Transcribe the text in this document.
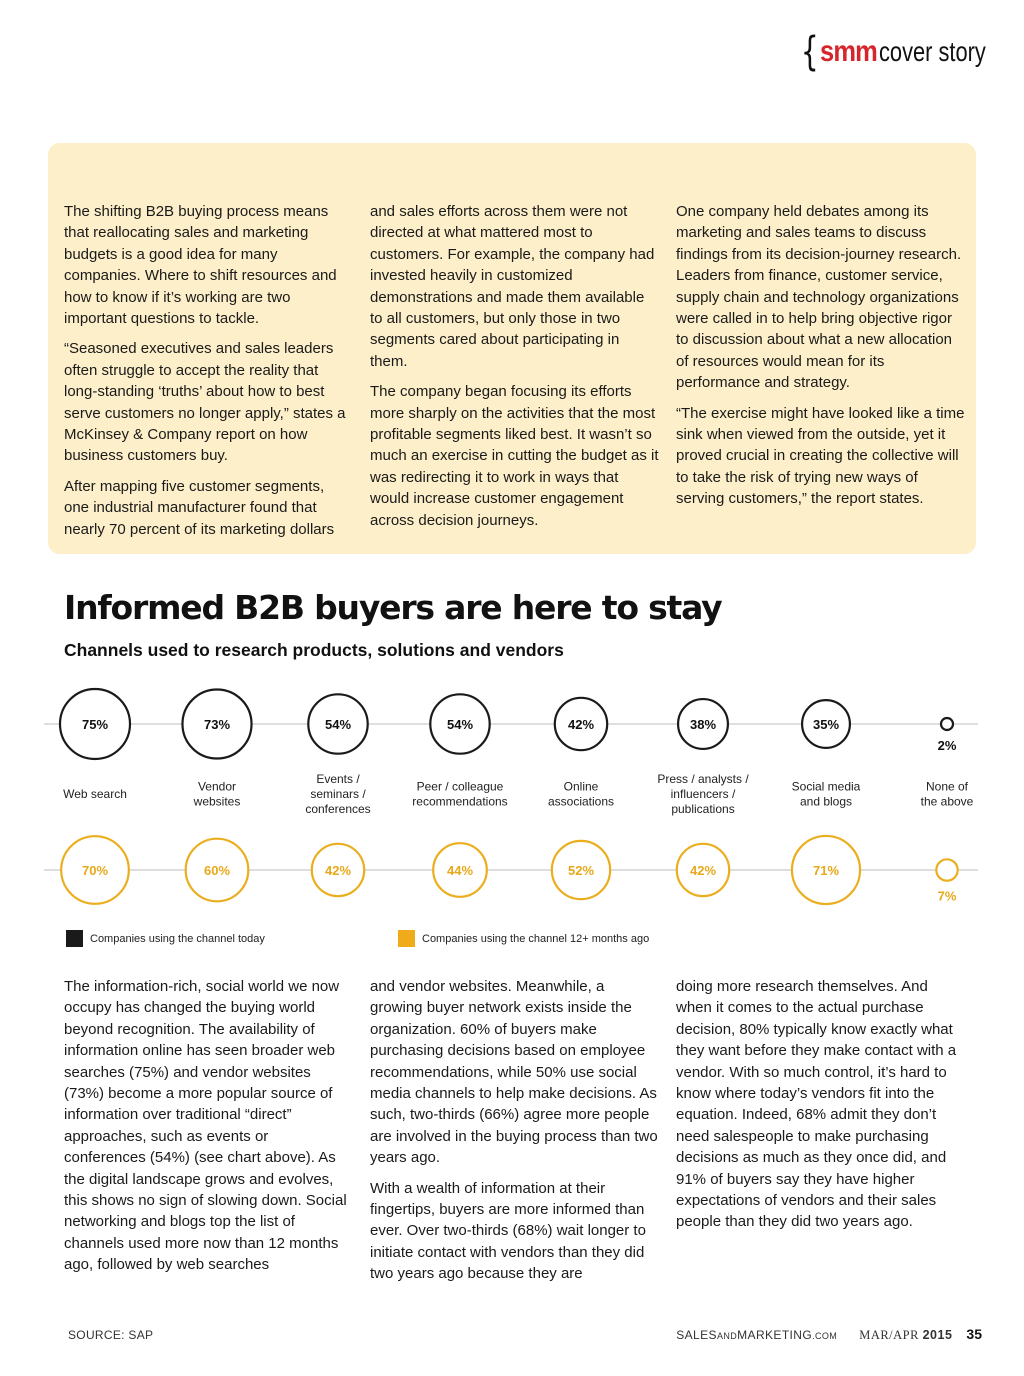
{ smm cover story

The shifting B2B buying process means that reallocating sales and marketing budgets is a good idea for many companies. Where to shift resources and how to know if it’s working are two important questions to tackle.

“Seasoned executives and sales leaders often struggle to accept the reality that long-standing ‘truths’ about how to best serve customers no longer apply,” states a McKinsey & Company report on how business customers buy.

After mapping five customer segments, one industrial manufacturer found that nearly 70 percent of its marketing dollars

and sales efforts across them were not directed at what mattered most to customers. For example, the company had invested heavily in customized demonstrations and made them available to all customers, but only those in two segments cared about participating in them.

The company began focusing its efforts more sharply on the activities that the most profitable segments liked best. It wasn’t so much an exercise in cutting the budget as it was redirecting it to work in ways that would increase customer engagement across decision journeys.

One company held debates among its marketing and sales teams to discuss findings from its decision-journey research. Leaders from finance, customer service, supply chain and technology organizations were called in to help bring objective rigor to discussion about what a new allocation of resources would mean for its performance and strategy.

“The exercise might have looked like a time sink when viewed from the outside, yet it proved crucial in creating the collective will to take the risk of trying new ways of serving customers,” the report states.

Informed B2B buyers are here to stay
Channels used to research products, solutions and vendors
75%	73%	54%	54%	42%	38%	35%
2%
70%	60%	42%	44%	52%	42%	71%
7%
Web search
Vendor websites
Events / seminars / conferences
Peer / colleague recommendations
Online associations
Press / analysts / influencers / publications
Social media and blogs
None of the above
Companies using the channel today	Companies using the channel 12+ months ago

The information-rich, social world we now occupy has changed the buying world beyond recognition. The availability of information online has seen broader web searches (75%) and vendor websites (73%) become a more popular source of information over traditional “direct” approaches, such as events or conferences (54%) (see chart above). As the digital landscape grows and evolves, this shows no sign of slowing down. Social networking and blogs top the list of channels used more now than 12 months ago, followed by web searches

and vendor websites. Meanwhile, a growing buyer network exists inside the organization. 60% of buyers make purchasing decisions based on employee recommendations, while 50% use social media channels to help make decisions. As such, two-thirds (66%) agree more people are involved in the buying process than two years ago.

With a wealth of information at their fingertips, buyers are more informed than ever. Over two-thirds (68%) wait longer to initiate contact with vendors than they did two years ago because they are

doing more research themselves. And when it comes to the actual purchase decision, 80% typically know exactly what they want before they make contact with a vendor. With so much control, it’s hard to know where today’s vendors fit into the equation. Indeed, 68% admit they don’t need salespeople to make purchasing decisions as much as they once did, and 91% of buyers say they have higher expectations of vendors and their sales people than they did two years ago.

SOURCE: SAP	SALESANDMARKETING.COM MAR/APR 2015 35
